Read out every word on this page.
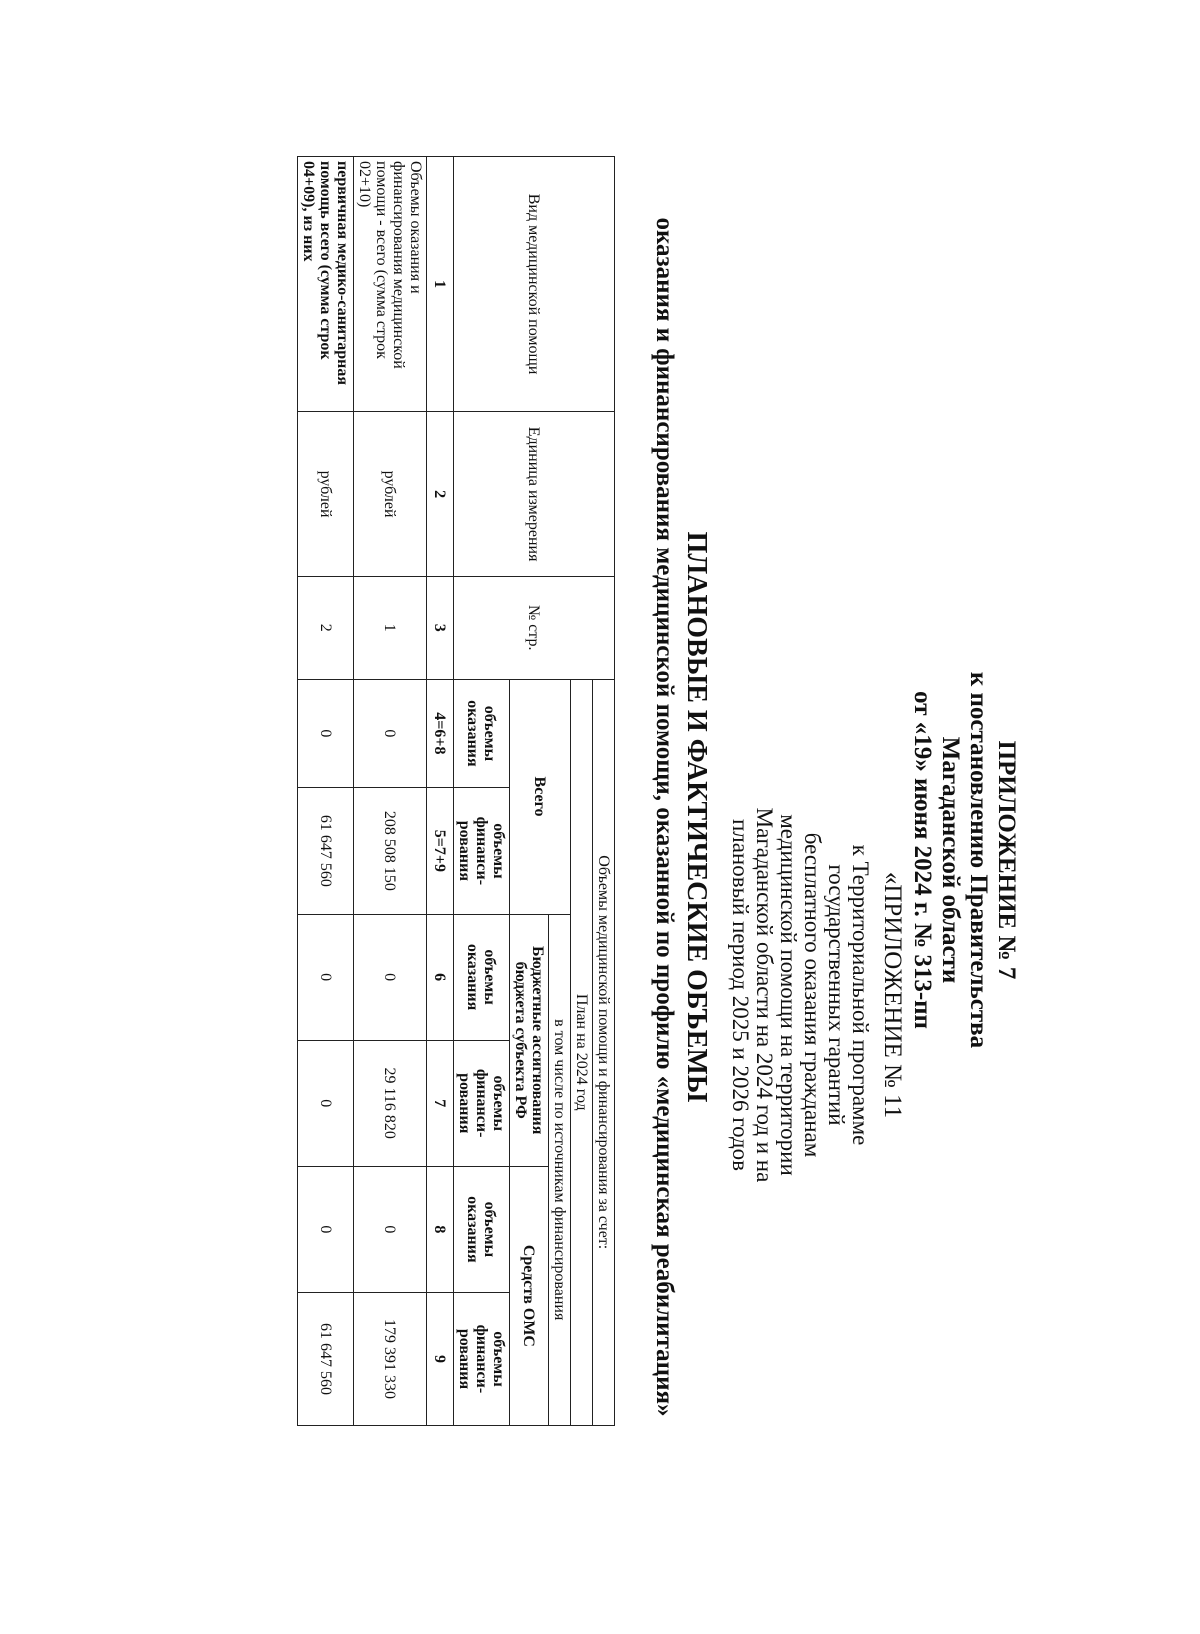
ПРИЛОЖЕНИЕ № 7
к постановлению Правительства
Магаданской области
от «19» июня 2024 г. № 313-пп
«ПРИЛОЖЕНИЕ № 11
к Территориальной программе
государственных гарантий
бесплатного оказания гражданам
медицинской помощи на территории
Магаданской области на 2024 год и на
плановый период 2025 и 2026 годов
ПЛАНОВЫЕ И ФАКТИЧЕСКИЕ ОБЪЕМЫ
оказания и финансирования медицинской помощи, оказанной по профилю «медицинская реабилитация»
Вид медицинской помощи	Единица измерения	№ стр.	Объемы медицинской помощи и финансирования за счет:					
			План на 2024 год					
			Всего		в том числе по источникам финансирования			
					Бюджетные ассигнования бюджета субъекта РФ		Средств ОМС	
			объемы оказания	объемы финанси-рования	объемы оказания	объемы финанси-рования	объемы оказания	объемы финанси-рования
1	2	3	4=6+8	5=7+9	6	7	8	9
Объемы оказания и финансирования медицинской помощи - всего (сумма строк 02+10)	рублей	1	0	208 508 150	0	29 116 820	0	179 391 330
первичная медико-санитарная помощь всего (сумма строк 04+09), из них	рублей	2	0	61 647 560	0	0	0	61 647 560
